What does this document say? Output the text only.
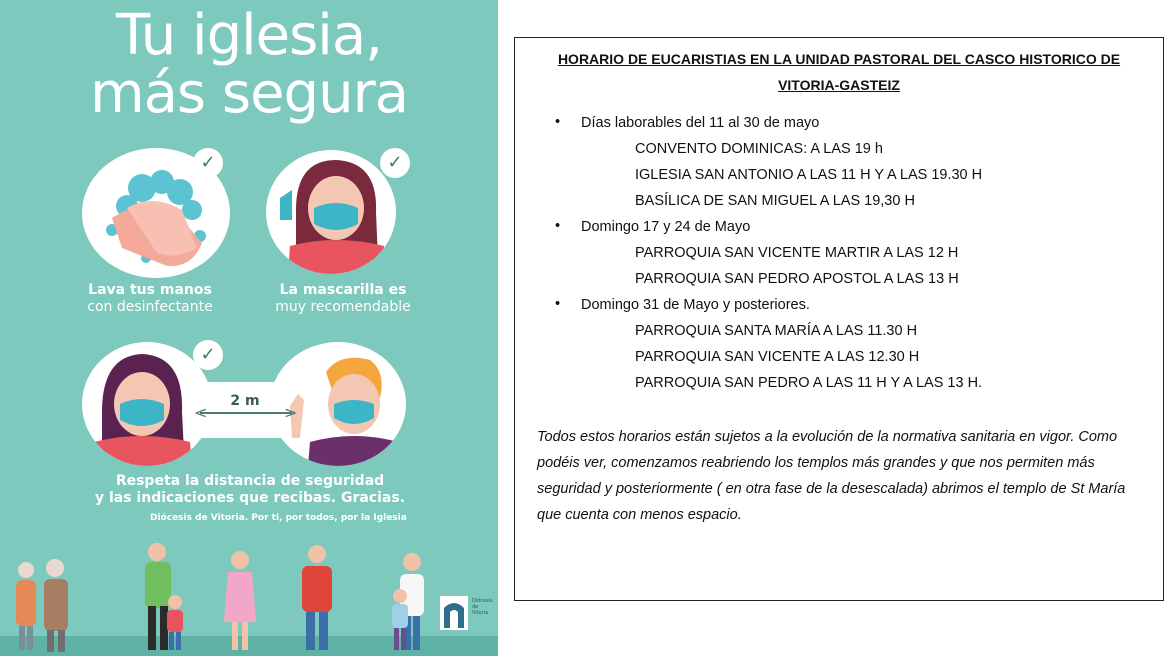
Tu iglesia,
más segura
✓
Lava tus manos
con desinfectante
✓
La mascarilla es
muy recomendable
✓
<	>
2 m
Respeta la distancia de seguridad
y las indicaciones que recibas. Gracias.
Diócesis de Vitoria. Por ti, por todos, por la Iglesia
Diócesis de Vitoria
HORARIO DE EUCARISTIAS EN LA UNIDAD PASTORAL DEL CASCO HISTORICO DE
VITORIA-GASTEIZ
• Días laborables del 11 al 30 de mayo
CONVENTO DOMINICAS: A LAS 19 h
IGLESIA SAN ANTONIO A LAS 11 H Y A LAS 19.30 H
BASÍLICA DE SAN MIGUEL A LAS 19,30 H
• Domingo 17 y 24 de Mayo
PARROQUIA SAN VICENTE MARTIR A LAS 12 H
PARROQUIA SAN PEDRO APOSTOL A LAS 13 H
• Domingo 31 de Mayo y posteriores.
PARROQUIA SANTA MARÍA A LAS 11.30 H
PARROQUIA SAN VICENTE A LAS 12.30 H
PARROQUIA SAN PEDRO A LAS 11 H Y A LAS 13 H.
Todos estos horarios están sujetos a la evolución de la normativa sanitaria en vigor. Como podéis ver, comenzamos reabriendo los templos más grandes y que nos permiten más seguridad y posteriormente ( en otra fase de la desescalada) abrimos el templo de St María que cuenta con menos espacio.
